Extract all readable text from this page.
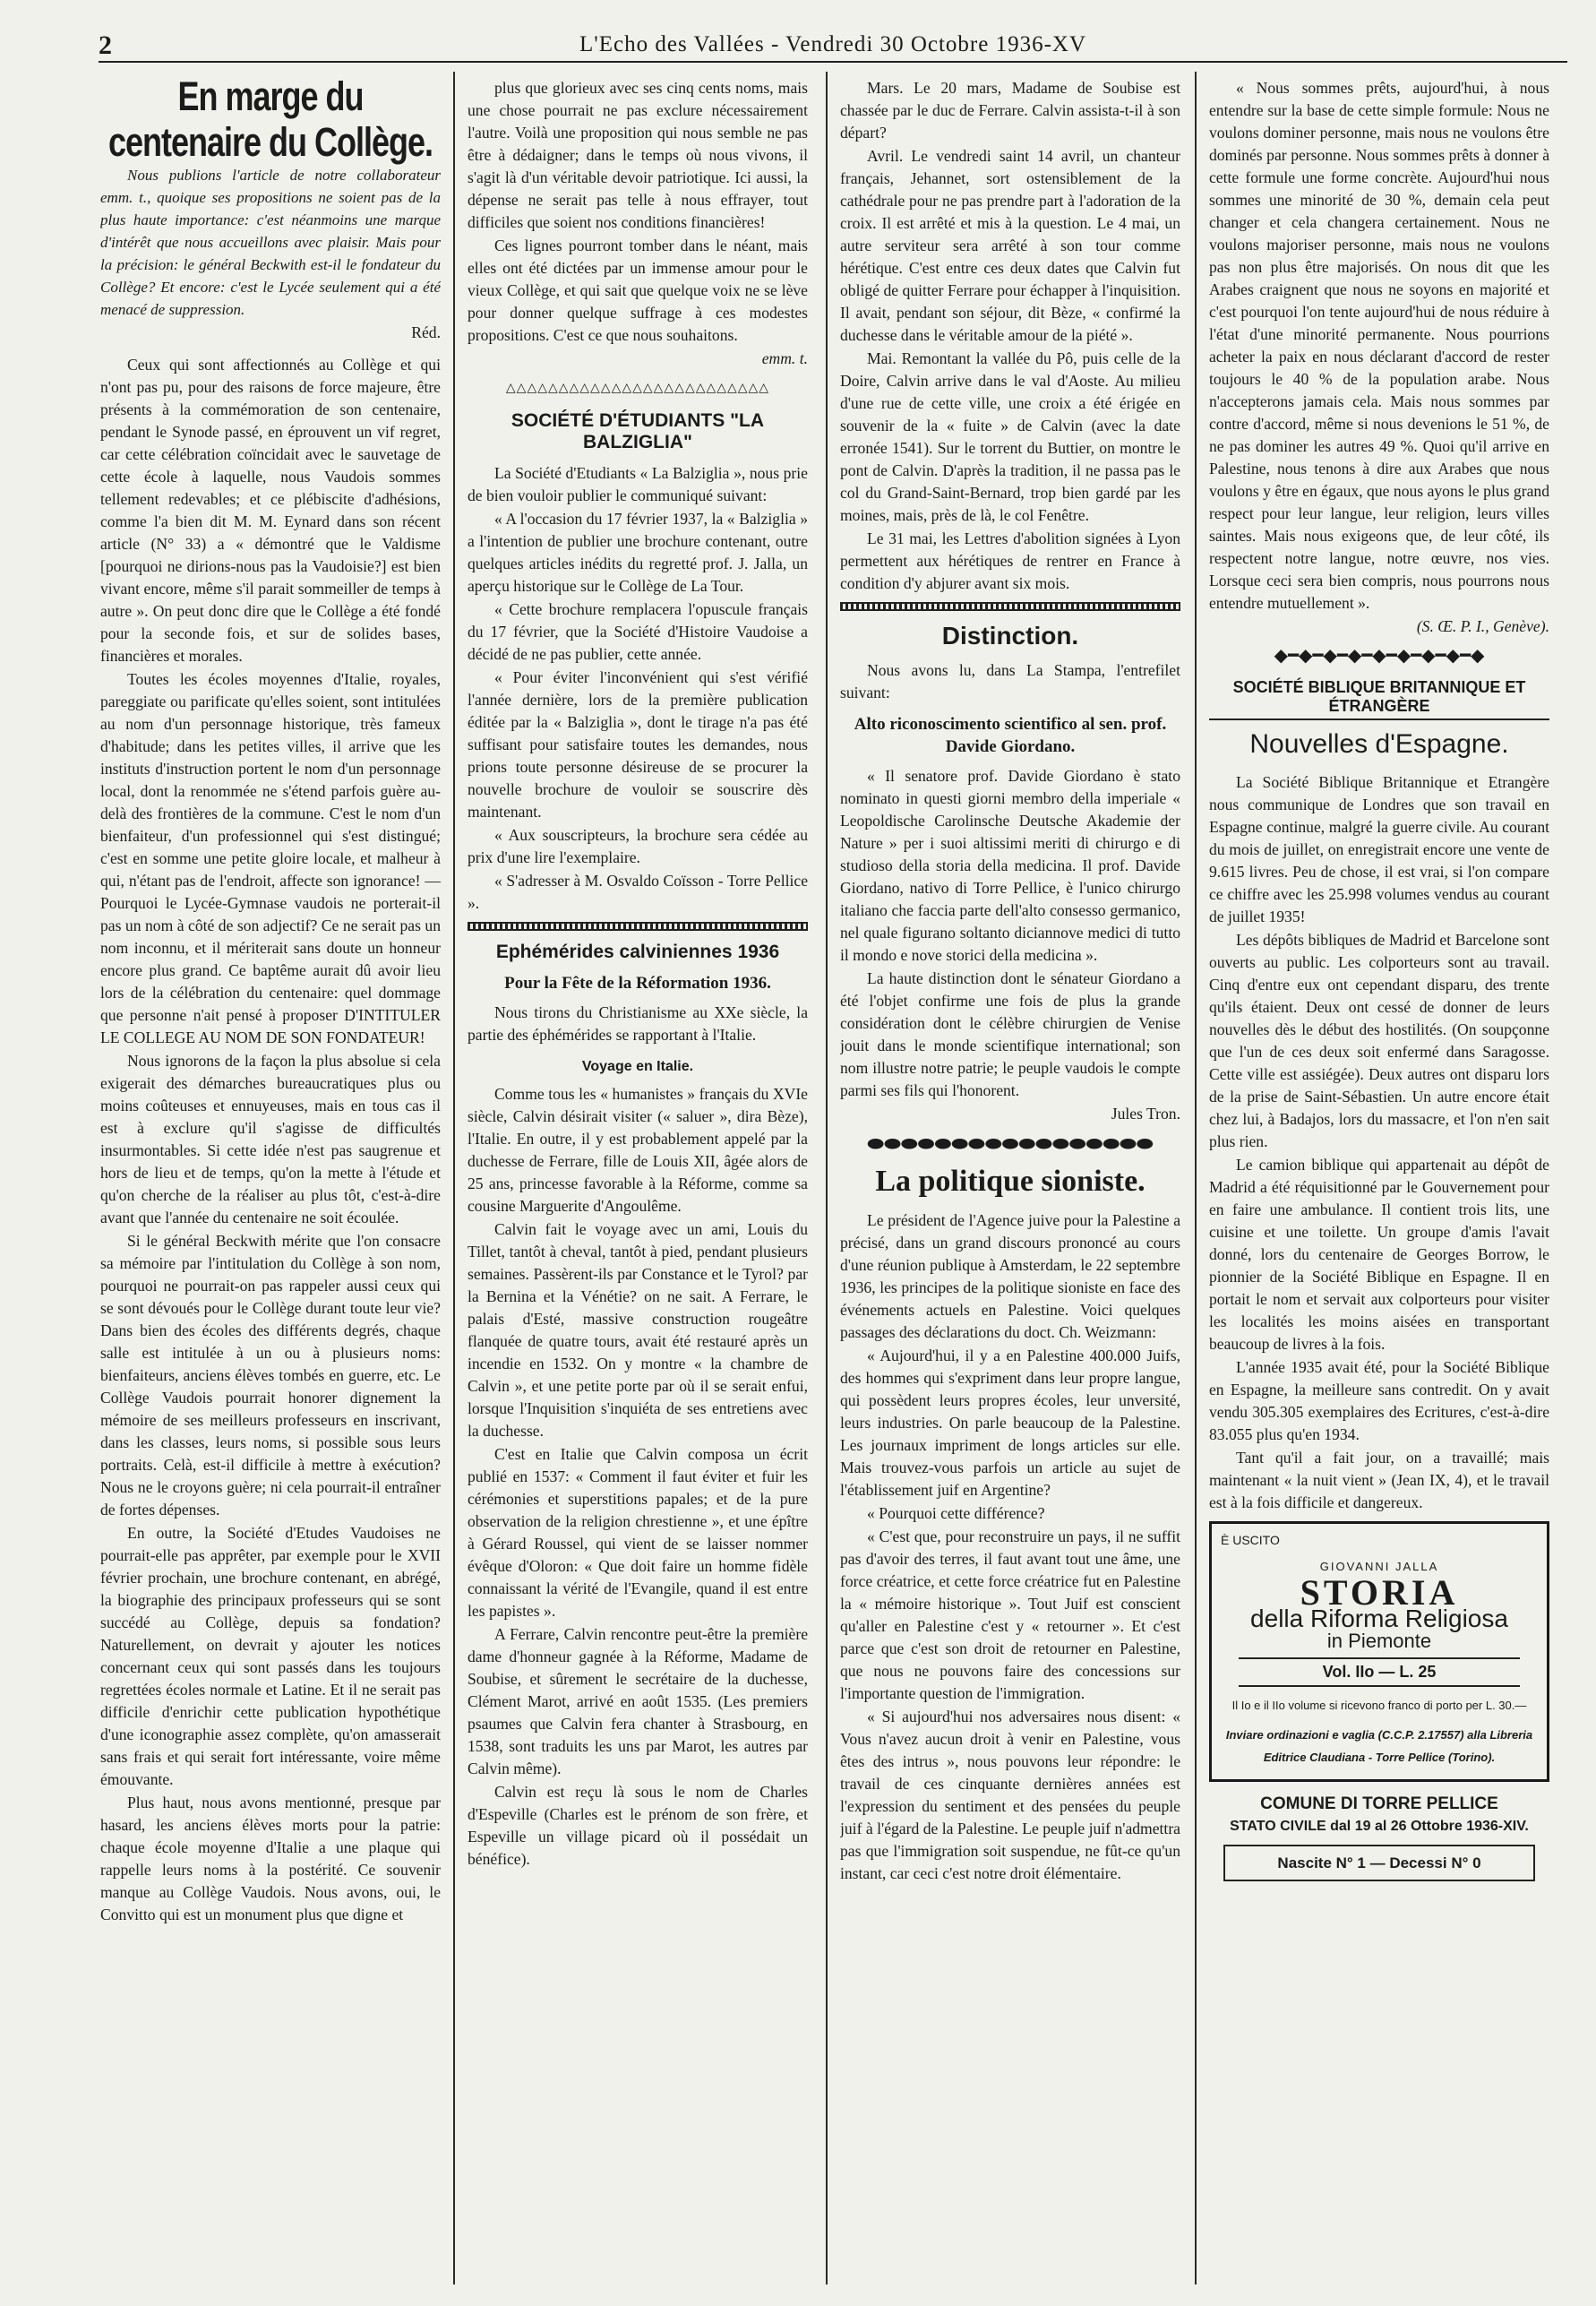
2	L'Echo des Vallées - Vendredi 30 Octobre 1936-XV
En marge du centenaire du Collège.

Nous publions l'article de notre collaborateur emm. t., quoique ses propositions ne soient pas de la plus haute importance: c'est néanmoins une marque d'intérêt que nous accueillons avec plaisir. Mais pour la précision: le général Beckwith est-il le fondateur du Collège? Et encore: c'est le Lycée seulement qui a été menacé de suppression.

Réd.

Ceux qui sont affectionnés au Collège et qui n'ont pas pu, pour des raisons de force majeure, être présents à la commémoration de son centenaire, pendant le Synode passé, en éprouvent un vif regret, car cette célébration coïncidait avec le sauvetage de cette école à laquelle, nous Vaudois sommes tellement redevables; et ce plébiscite d'adhésions, comme l'a bien dit M. M. Eynard dans son récent article (N° 33) a « démontré que le Valdisme [pourquoi ne dirions-nous pas la Vaudoisie?] est bien vivant encore, même s'il parait sommeiller de temps à autre ». On peut donc dire que le Collège a été fondé pour la seconde fois, et sur de solides bases, financières et morales.

Toutes les écoles moyennes d'Italie, royales, pareggiate ou parificate qu'elles soient, sont intitulées au nom d'un personnage historique, très fameux d'habitude; dans les petites villes, il arrive que les instituts d'instruction portent le nom d'un personnage local, dont la renommée ne s'étend parfois guère au-delà des frontières de la commune. C'est le nom d'un bienfaiteur, d'un professionnel qui s'est distingué; c'est en somme une petite gloire locale, et malheur à qui, n'étant pas de l'endroit, affecte son ignorance! — Pourquoi le Lycée-Gymnase vaudois ne porterait-il pas un nom à côté de son adjectif? Ce ne serait pas un nom inconnu, et il mériterait sans doute un honneur encore plus grand. Ce baptême aurait dû avoir lieu lors de la célébration du centenaire: quel dommage que personne n'ait pensé à proposer D'INTITULER LE COLLEGE AU NOM DE SON FONDATEUR!

Nous ignorons de la façon la plus absolue si cela exigerait des démarches bureaucratiques plus ou moins coûteuses et ennuyeuses, mais en tous cas il est à exclure qu'il s'agisse de difficultés insurmontables. Si cette idée n'est pas saugrenue et hors de lieu et de temps, qu'on la mette à l'étude et qu'on cherche de la réaliser au plus tôt, c'est-à-dire avant que l'année du centenaire ne soit écoulée.

Si le général Beckwith mérite que l'on consacre sa mémoire par l'intitulation du Collège à son nom, pourquoi ne pourrait-on pas rappeler aussi ceux qui se sont dévoués pour le Collège durant toute leur vie? Dans bien des écoles des différents degrés, chaque salle est intitulée à un ou à plusieurs noms: bienfaiteurs, anciens élèves tombés en guerre, etc. Le Collège Vaudois pourrait honorer dignement la mémoire de ses meilleurs professeurs en inscrivant, dans les classes, leurs noms, si possible sous leurs portraits. Celà, est-il difficile à mettre à exécution? Nous ne le croyons guère; ni cela pourrait-il entraîner de fortes dépenses.

En outre, la Société d'Etudes Vaudoises ne pourrait-elle pas apprêter, par exemple pour le XVII février prochain, une brochure contenant, en abrégé, la biographie des principaux professeurs qui se sont succédé au Collège, depuis sa fondation? Naturellement, on devrait y ajouter les notices concernant ceux qui sont passés dans les toujours regrettées écoles normale et Latine. Et il ne serait pas difficile d'enrichir cette publication hypothétique d'une iconographie assez complète, qu'on amasserait sans frais et qui serait fort intéressante, voire même émouvante.

Plus haut, nous avons mentionné, presque par hasard, les anciens élèves morts pour la patrie: chaque école moyenne d'Italie a une plaque qui rappelle leurs noms à la postérité. Ce souvenir manque au Collège Vaudois. Nous avons, oui, le Convitto qui est un monument plus que digne et

plus que glorieux avec ses cinq cents noms, mais une chose pourrait ne pas exclure nécessairement l'autre. Voilà une proposition qui nous semble ne pas être à dédaigner; dans le temps où nous vivons, il s'agit là d'un véritable devoir patriotique. Ici aussi, la dépense ne serait pas telle à nous effrayer, tout difficiles que soient nos conditions financières!

Ces lignes pourront tomber dans le néant, mais elles ont été dictées par un immense amour pour le vieux Collège, et qui sait que quelque voix ne se lève pour donner quelque suffrage à ces modestes propositions. C'est ce que nous souhaitons.

emm. t.

△△△△△△△△△△△△△△△△△△△△△△△△△
SOCIÉTÉ D'ÉTUDIANTS "LA BALZIGLIA"

La Société d'Etudiants « La Balziglia », nous prie de bien vouloir publier le communiqué suivant:

« A l'occasion du 17 février 1937, la « Balziglia » a l'intention de publier une brochure contenant, outre quelques articles inédits du regretté prof. J. Jalla, un aperçu historique sur le Collège de La Tour.

« Cette brochure remplacera l'opuscule français du 17 février, que la Société d'Histoire Vaudoise a décidé de ne pas publier, cette année.

« Pour éviter l'inconvénient qui s'est vérifié l'année dernière, lors de la première publication éditée par la « Balziglia », dont le tirage n'a pas été suffisant pour satisfaire toutes les demandes, nous prions toute personne désireuse de se procurer la nouvelle brochure de vouloir se souscrire dès maintenant.

« Aux souscripteurs, la brochure sera cédée au prix d'une lire l'exemplaire.

« S'adresser à M. Osvaldo Coïsson - Torre Pellice ».

Ephémérides calviniennes 1936
Pour la Fête de la Réformation 1936.

Nous tirons du Christianisme au XXe siècle, la partie des éphémérides se rapportant à l'Italie.

Voyage en Italie.

Comme tous les « humanistes » français du XVIe siècle, Calvin désirait visiter (« saluer », dira Bèze), l'Italie. En outre, il y est probablement appelé par la duchesse de Ferrare, fille de Louis XII, âgée alors de 25 ans, princesse favorable à la Réforme, comme sa cousine Marguerite d'Angoulême.

Calvin fait le voyage avec un ami, Louis du Tillet, tantôt à cheval, tantôt à pied, pendant plusieurs semaines. Passèrent-ils par Constance et le Tyrol? par la Bernina et la Vénétie? on ne sait. A Ferrare, le palais d'Esté, massive construction rougeâtre flanquée de quatre tours, avait été restauré après un incendie en 1532. On y montre « la chambre de Calvin », et une petite porte par où il se serait enfui, lorsque l'Inquisition s'inquiéta de ses entretiens avec la duchesse.

C'est en Italie que Calvin composa un écrit publié en 1537: « Comment il faut éviter et fuir les cérémonies et superstitions papales; et de la pure observation de la religion chrestienne », et une épître à Gérard Roussel, qui vient de se laisser nommer évêque d'Oloron: « Que doit faire un homme fidèle connaissant la vérité de l'Evangile, quand il est entre les papistes ».

A Ferrare, Calvin rencontre peut-être la première dame d'honneur gagnée à la Réforme, Madame de Soubise, et sûrement le secrétaire de la duchesse, Clément Marot, arrivé en août 1535. (Les premiers psaumes que Calvin fera chanter à Strasbourg, en 1538, sont traduits les uns par Marot, les autres par Calvin même).

Calvin est reçu là sous le nom de Charles d'Espeville (Charles est le prénom de son frère, et Espeville un village picard où il possédait un bénéfice).

Mars. Le 20 mars, Madame de Soubise est chassée par le duc de Ferrare. Calvin assista-t-il à son départ?

Avril. Le vendredi saint 14 avril, un chanteur français, Jehannet, sort ostensiblement de la cathédrale pour ne pas prendre part à l'adoration de la croix. Il est arrêté et mis à la question. Le 4 mai, un autre serviteur sera arrêté à son tour comme hérétique. C'est entre ces deux dates que Calvin fut obligé de quitter Ferrare pour échapper à l'inquisition. Il avait, pendant son séjour, dit Bèze, « confirmé la duchesse dans le véritable amour de la piété ».

Mai. Remontant la vallée du Pô, puis celle de la Doire, Calvin arrive dans le val d'Aoste. Au milieu d'une rue de cette ville, une croix a été érigée en souvenir de la « fuite » de Calvin (avec la date erronée 1541). Sur le torrent du Buttier, on montre le pont de Calvin. D'après la tradition, il ne passa pas le col du Grand-Saint-Bernard, trop bien gardé par les moines, mais, près de là, le col Fenêtre.

Le 31 mai, les Lettres d'abolition signées à Lyon permettent aux hérétiques de rentrer en France à condition d'y abjurer avant six mois.

Distinction.

Nous avons lu, dans La Stampa, l'entrefilet suivant:

Alto riconoscimento scientifico al sen. prof. Davide Giordano.

« Il senatore prof. Davide Giordano è stato nominato in questi giorni membro della imperiale « Leopoldische Carolinsche Deutsche Akademie der Nature » per i suoi altissimi meriti di chirurgo e di studioso della storia della medicina. Il prof. Davide Giordano, nativo di Torre Pellice, è l'unico chirurgo italiano che faccia parte dell'alto consesso germanico, nel quale figurano soltanto diciannove medici di tutto il mondo e nove storici della medicina ».

La haute distinction dont le sénateur Giordano a été l'objet confirme une fois de plus la grande considération dont le célèbre chirurgien de Venise jouit dans le monde scientifique international; son nom illustre notre patrie; le peuple vaudois le compte parmi ses fils qui l'honorent.

Jules Tron.

⬬⬬⬬⬬⬬⬬⬬⬬⬬⬬⬬⬬⬬⬬⬬⬬⬬
La politique sioniste.

Le président de l'Agence juive pour la Palestine a précisé, dans un grand discours prononcé au cours d'une réunion publique à Amsterdam, le 22 septembre 1936, les principes de la politique sioniste en face des événements actuels en Palestine. Voici quelques passages des déclarations du doct. Ch. Weizmann:

« Aujourd'hui, il y a en Palestine 400.000 Juifs, des hommes qui s'expriment dans leur propre langue, qui possèdent leurs propres écoles, leur unversité, leurs industries. On parle beaucoup de la Palestine. Les journaux impriment de longs articles sur elle. Mais trouvez-vous parfois un article au sujet de l'établissement juif en Argentine?

« Pourquoi cette différence?

« C'est que, pour reconstruire un pays, il ne suffit pas d'avoir des terres, il faut avant tout une âme, une force créatrice, et cette force créatrice fut en Palestine la « mémoire historique ». Tout Juif est conscient qu'aller en Palestine c'est y « retourner ». Et c'est parce que c'est son droit de retourner en Palestine, que nous ne pouvons faire des concessions sur l'importante question de l'immigration.

« Si aujourd'hui nos adversaires nous disent: « Vous n'avez aucun droit à venir en Palestine, vous êtes des intrus », nous pouvons leur répondre: le travail de ces cinquante dernières années est l'expression du sentiment et des pensées du peuple juif à l'égard de la Palestine. Le peuple juif n'admettra pas que l'immigration soit suspendue, ne fût-ce qu'un instant, car ceci c'est notre droit élémentaire.

« Nous sommes prêts, aujourd'hui, à nous entendre sur la base de cette simple formule: Nous ne voulons dominer personne, mais nous ne voulons être dominés par personne. Nous sommes prêts à donner à cette formule une forme concrète. Aujourd'hui nous sommes une minorité de 30 %, demain cela peut changer et cela changera certainement. Nous ne voulons majoriser personne, mais nous ne voulons pas non plus être majorisés. On nous dit que les Arabes craignent que nous ne soyons en majorité et c'est pourquoi l'on tente aujourd'hui de nous réduire à l'état d'une minorité permanente. Nous pourrions acheter la paix en nous déclarant d'accord de rester toujours le 40 % de la population arabe. Nous n'accepterons jamais cela. Mais nous sommes par contre d'accord, même si nous devenions le 51 %, de ne pas dominer les autres 49 %. Quoi qu'il arrive en Palestine, nous tenons à dire aux Arabes que nous voulons y être en égaux, que nous ayons le plus grand respect pour leur langue, leur religion, leurs villes saintes. Mais nous exigeons que, de leur côté, ils respectent notre langue, notre œuvre, nos vies. Lorsque ceci sera bien compris, nous pourrons nous entendre mutuellement ».

(S. Œ. P. I., Genève).

◆━◆━◆━◆━◆━◆━◆━◆━◆
SOCIÉTÉ BIBLIQUE BRITANNIQUE ET ÉTRANGÈRE
Nouvelles d'Espagne.

La Société Biblique Britannique et Etrangère nous communique de Londres que son travail en Espagne continue, malgré la guerre civile. Au courant du mois de juillet, on enregistrait encore une vente de 9.615 livres. Peu de chose, il est vrai, si l'on compare ce chiffre avec les 25.998 volumes vendus au courant de juillet 1935!

Les dépôts bibliques de Madrid et Barcelone sont ouverts au public. Les colporteurs sont au travail. Cinq d'entre eux ont cependant disparu, des trente qu'ils étaient. Deux ont cessé de donner de leurs nouvelles dès le début des hostilités. (On soupçonne que l'un de ces deux soit enfermé dans Saragosse. Cette ville est assiégée). Deux autres ont disparu lors de la prise de Saint-Sébastien. Un autre encore était chez lui, à Badajos, lors du massacre, et l'on n'en sait plus rien.

Le camion biblique qui appartenait au dépôt de Madrid a été réquisitionné par le Gouvernement pour en faire une ambulance. Il contient trois lits, une cuisine et une toilette. Un groupe d'amis l'avait donné, lors du centenaire de Georges Borrow, le pionnier de la Société Biblique en Espagne. Il en portait le nom et servait aux colporteurs pour visiter les localités les moins aisées en transportant beaucoup de livres à la fois.

L'année 1935 avait été, pour la Société Biblique en Espagne, la meilleure sans contredit. On y avait vendu 305.305 exemplaires des Ecritures, c'est-à-dire 83.055 plus qu'en 1934.

Tant qu'il a fait jour, on a travaillé; mais maintenant « la nuit vient » (Jean IX, 4), et le travail est à la fois difficile et dangereux.

È USCITO
GIOVANNI JALLA
STORIA
della Riforma Religiosa
in Piemonte
Vol. IIo — L. 25
Il Io e il IIo volume si ricevono franco di porto per L. 30.—
Inviare ordinazioni e vaglia (C.C.P. 2.17557) alla Libreria Editrice Claudiana - Torre Pellice (Torino).
COMUNE DI TORRE PELLICE
STATO CIVILE dal 19 al 26 Ottobre 1936-XIV.
Nascite N° 1 — Decessi N° 0
